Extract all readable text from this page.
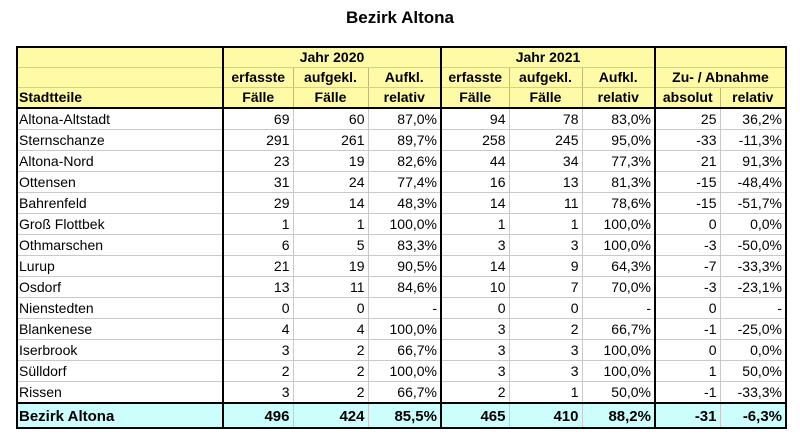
Bezirk Altona
	Jahr 2020			Jahr 2021				
	erfasste	aufgekl.	Aufkl.	erfasste	aufgekl.	Aufkl.	Zu- / Abnahme	
Stadtteile	Fälle	Fälle	relativ	Fälle	Fälle	relativ	absolut	relativ
Altona-Altstadt	69	60	87,0%	94	78	83,0%	25	36,2%
Sternschanze	291	261	89,7%	258	245	95,0%	-33	-11,3%
Altona-Nord	23	19	82,6%	44	34	77,3%	21	91,3%
Ottensen	31	24	77,4%	16	13	81,3%	-15	-48,4%
Bahrenfeld	29	14	48,3%	14	11	78,6%	-15	-51,7%
Groß Flottbek	1	1	100,0%	1	1	100,0%	0	0,0%
Othmarschen	6	5	83,3%	3	3	100,0%	-3	-50,0%
Lurup	21	19	90,5%	14	9	64,3%	-7	-33,3%
Osdorf	13	11	84,6%	10	7	70,0%	-3	-23,1%
Nienstedten	0	0	-	0	0	-	0	-
Blankenese	4	4	100,0%	3	2	66,7%	-1	-25,0%
Iserbrook	3	2	66,7%	3	3	100,0%	0	0,0%
Sülldorf	2	2	100,0%	3	3	100,0%	1	50,0%
Rissen	3	2	66,7%	2	1	50,0%	-1	-33,3%
Bezirk Altona	496	424	85,5%	465	410	88,2%	-31	-6,3%
